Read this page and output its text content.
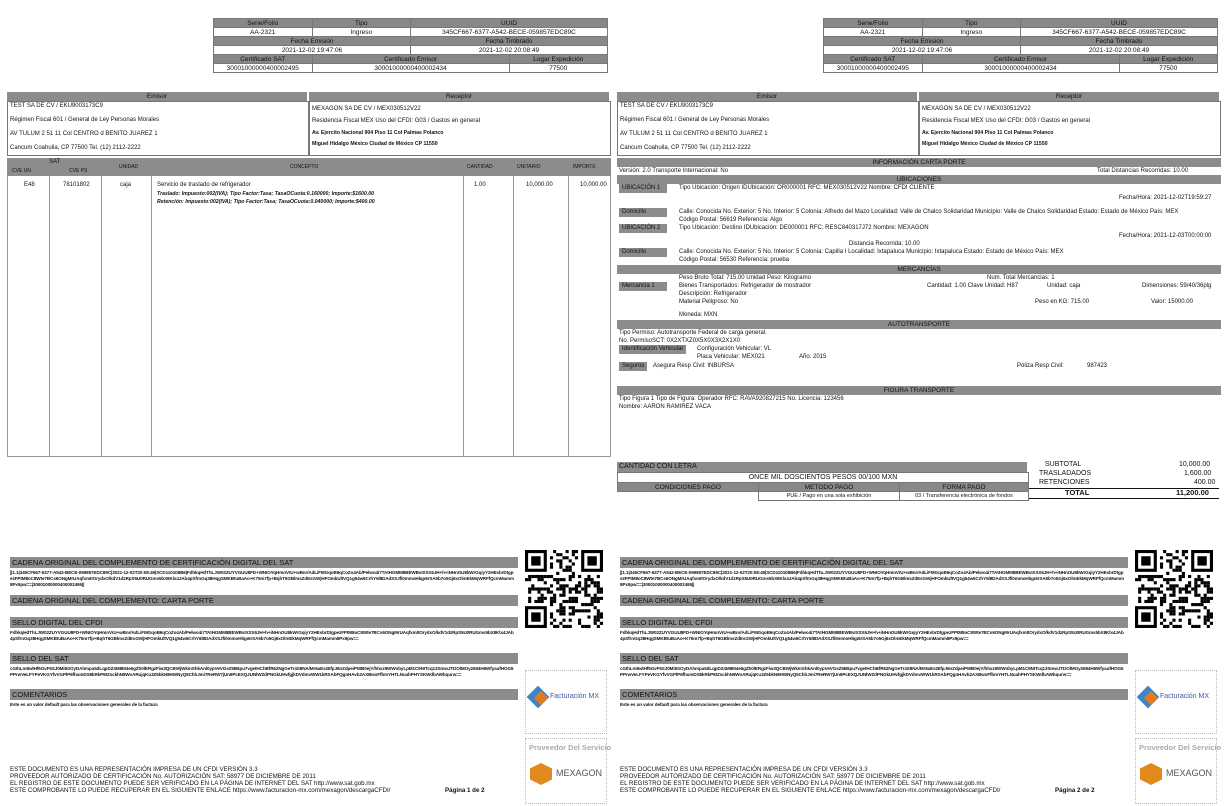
Serie/Folio	Tipo	UUID	
AA-2321	Ingreso	345CF667-6377-A542-BECE-059857EDC89C	
Fecha Emisión		Fecha Timbrado	
2021-12-02 19:47:06		2021-12-02 20:08:49	
Certificado SAT	Certificado Emisor		Lugar Expedición
30001000000400002495	30001000000400002434		77500
Emisor	Receptor
TEST SA DE CV / EKU9003173C9
Régimen Fiscal 601 / General de Ley Personas Morales
AV TULUM 2 51 11 Col CENTRO d BENITO JUAREZ 1
Cancum Coahuila, CP 77500 Tel. (12) 2112-2222
MEXAGON SA DE CV / MEX030512V22
Residencia Fiscal MEX Uso del CFDI: G03 / Gastos en general
Av. Ejercito Nacional 904 Piso 11 Col Palmas Polanco
Miguel Hidalgo México Ciudad de México CP 11550
SAT
CVE UN	CVE PS
UNIDAD	CONCEPTO	CANTIDAD	UNITARIO	IMPORTE
E48	78101802	caja	Servicio de traslado de refrigerador
Traslado: Impuesto:002(IVA); Tipo Factor:Tasa; TasaOCuota:0.160000; Importe:$1600.00
Retención: Impuesto:002(IVA); Tipo Factor:Tasa; TasaOCuota:0.040000; Importe:$400.00
1.00	10,000.00	10,000.00
CADENA ORIGINAL DEL COMPLEMENTO DE CERTIFICACIÓN DIGITAL DEL SAT
||1.1|345CF667-6377-A542-BECE-059857EDC89C|2021-12-02T20:08:49|SCD110108B6|FdhkqHdThLJW02ZUYVGUU8FD+WNIOYqHmnVrU+wBnr/AdLiFMGqoB6qCoZo4Ab/Pelwo4i7TAtHGMM8BEWBvIXSX6JH+h+iNHnOU8kWrGqiyY2HEsbrDtgpezFPtM8oC8Wte7BCs6ONgMrUAqfxmItOrydxO/kdV1dzRpS5U0RUGms5bX8Klx4JAb4pSfrnGq38HqgSMKBtuBaAo+K75m7fp+BqhT6GBlmsZdEsGWjHFOmkUltVQ1g54w6CrhY6l8DAdXSJfi0mmoHlqp6rSA5b7o5Gj6xOlmEkMqWRFfQcmMamm8Px9pw==|30001000000400002495||
CADENA ORIGINAL DEL COMPLEMENTO: CARTA PORTE
SELLO DIGITAL DEL CFDI
FdhkqHdThLJW02ZUYVGUU8FD+WNIOYqHmnVrU+wBnr/AdLiFMGqoB6qCoZo4Ab/Pelwo4i7TAtHGMM8BEWBvIXSX6JH+h+iNHnOU8kWrGqiyY2HEsbrDtgpezFPtM8oC8Wte7BCs6ONgMrUAqfxmItOrydxO/kdV1dzRpS5U0RUGms5bX8Klx4JAb4pSfrnGq38HqgSMKBtuBaAo+K75m7fp+BqhT6GBlmsZdEsGWjHFOmkUltVQ1g54w6CrhY6l8DAdXSJfi0mmoHlqp6rSA5b7o5Gj6xOlmEkMqWRFfQcmMamm8Px9pw==
SELLO DEL SAT
cGIhLm8wlHf6GvF6SJ0Mi5SOyDAhmpa5dLqpDZ4M8M4e6gZh0lERgzFiw3QCBWjWkmShkAnl0ypVeVGsZ5B6pu7vgetHChBfR62NgGeTr4S8NA/Mr6aEs2IIfpJ6nZdpeiPWB0ejY/hhxz9WWnbyLpM1C9NITcq13SmwJTDOlMOy2694H6WfyaufHOG5PPrwVeLFYPeVKGYfvVGPlP6fhumDS8kRkP6tZsckhN8WvARujqKu3Z6bkN8HWNyQ5ChhJmi7ReRW7jUn9PcEXQJUNlWZdPNGkUHvfgjkDVdmvWW1kRSAbFQgnHAvb2AXBwxFfbmYHTLNuahPHYSKWdbAWbqurw==
COMENTARIOS
Este es un valor default para las observaciones generales de la factura
Facturación MX
Proveedor Del Servicio
MEXAGON
ESTE DOCUMENTO ES UNA REPRESENTACIÓN IMPRESA DE UN CFDI VERSIÓN 3.3
PROVEEDOR AUTORIZADO DE CERTIFICACIÓN No. AUTORIZACIÓN SAT: 58977 DE DICIEMBRE DE 2011
EL REGISTRO DE ESTE DOCUMENTO PUEDE SER VERIFICADO EN LA PÁGINA DE INTERNET DEL SAT http://www.sat.gob.mx
ESTE COMPROBANTE LO PUEDE RECUPERAR EN EL SIGUIENTE ENLACE https://www.facturacion-mx.com/mexagon/descargaCFDI/	Página 1 de 2
Serie/Folio	Tipo	UUID	
AA-2321	Ingreso	345CF667-6377-A542-BECE-059857EDC89C	
Fecha Emisión		Fecha Timbrado	
2021-12-02 19:47:06		2021-12-02 20:08:49	
Certificado SAT	Certificado Emisor		Lugar Expedición
30001000000400002495	30001000000400002434		77500
Emisor	Receptor
TEST SA DE CV / EKU9003173C9
Régimen Fiscal 601 / General de Ley Personas Morales
AV TULUM 2 51 11 Col CENTRO d BENITO JUAREZ 1
Cancum Coahuila, CP 77500 Tel. (12) 2112-2222
MEXAGON SA DE CV / MEX030512V22
Residencia Fiscal MEX Uso del CFDI: G03 / Gastos en general
Av. Ejercito Nacional 904 Piso 11 Col Palmas Polanco
Miguel Hidalgo México Ciudad de México CP 11550
INFORMACIÓN CARTA PORTE
Versión: 2.0 Transporte Internacional: No	Total Distancias Recorridas: 10.00
UBICACIONES
UBICACIÓN 1	Tipo Ubicación: Origen IDUbicación: OR000001 RFC: MEX030512V22 Nombre: CFDI CLIENTE
Fecha/Hora: 2021-12-02T19:59:27
Domicilio	Calle: Conocida No. Exterior: 5 No. Interior: 5 Colonia: Alfredo del Mazo Localidad: Valle de Chalco Solidaridad Municipio: Valle de Chalco Solidaridad Estado: Estado de México País: MEX
Código Postal: 56619 Referencia: Algo
UBICACIÓN 2	Tipo Ubicación: Destino IDUbicación: DE000001 RFC: RESC840317J72 Nombre: MEXAGON
Fecha/Hora: 2021-12-03T00:00:00
Distancia Recorrida: 10.00
Domicilio	Calle: Conocida No. Exterior: 5 No. Interior: 5 Colonia: Capilla I Localidad: Ixtapaluca Municipio: Ixtapaluca Estado: Estado de México País: MEX
Código Postal: 56530 Referencia: prueba
MERCANCÍAS
Peso Bruto Total: 715.00 Unidad Peso: Kilogramo	Num. Total Mercancias: 1
Mercancia 1	Bienes Transportados: Refrigerador de mostrador	Cantidad: 1.00 Clave Unidad: H87	Unidad: caja	Dimensiones: 59/40/36plg
Descripción: Refrigerador
Material Peligroso: No	Peso en KG: 715.00	Valor: 15000.00
Moneda: MXN
AUTOTRANSPORTE
Tipo Permiso: Autotransporte Federal de carga general.
No. PermisoSCT: 0X2XTXZ0X5X0X3X2X1X0
Identificación Vehicular	Configuración Vehicular: VL
Placa Vehicular: MEX021	Año: 2015
Seguros	Asegura Resp Civil: INBURSA	Póliza Resp Civil:	987423
FIGURA TRANSPORTE
Tipo Figura 1 Tipo de Figura: Operador RFC: RAVA920827215 No. Licencia: 123456
Nombre: AARON RAMIREZ VACA
CANTIDAD CON LETRA
ONCE MIL DOSCIENTOS PESOS 00/100 MXN
CONDICIONES PAGO	METODO PAGO	FORMA PAGO
	PUE / Pago en una sola exhibición	03 / Transferencia electrónica de fondos
SUBTOTAL	10,000.00
TRASLADADOS	1,600.00
RETENCIONES	400.00
TOTAL	11,200.00
CADENA ORIGINAL DEL COMPLEMENTO DE CERTIFICACIÓN DIGITAL DEL SAT
||1.1|345CF667-6377-A542-BECE-059857EDC89C|2021-12-02T20:08:49|SCD110108B6|FdhkqHdThLJW02ZUYVGUU8FD+WNIOYqHmnVrU+wBnr/AdLiFMGqoB6qCoZo4Ab/Pelwo4i7TAtHGMM8BEWBvIXSX6JH+h+iNHnOU8kWrGqiyY2HEsbrDtgpezFPtM8oC8Wte7BCs6ONgMrUAqfxmItOrydxO/kdV1dzRpS5U0RUGms5bX8Klx4JAb4pSfrnGq38HqgSMKBtuBaAo+K75m7fp+BqhT6GBlmsZdEsGWjHFOmkUltVQ1g54w6CrhY6l8DAdXSJfi0mmoHlqp6rSA5b7o5Gj6xOlmEkMqWRFfQcmMamm8Px9pw==|30001000000400002495||
CADENA ORIGINAL DEL COMPLEMENTO: CARTA PORTE
SELLO DIGITAL DEL CFDI
FdhkqHdThLJW02ZUYVGUU8FD+WNIOYqHmnVrU+wBnr/AdLiFMGqoB6qCoZo4Ab/Pelwo4i7TAtHGMM8BEWBvIXSX6JH+h+iNHnOU8kWrGqiyY2HEsbrDtgpezFPtM8oC8Wte7BCs6ONgMrUAqfxmItOrydxO/kdV1dzRpS5U0RUGms5bX8Klx4JAb4pSfrnGq38HqgSMKBtuBaAo+K75m7fp+BqhT6GBlmsZdEsGWjHFOmkUltVQ1g54w6CrhY6l8DAdXSJfi0mmoHlqp6rSA5b7o5Gj6xOlmEkMqWRFfQcmMamm8Px9pw==
SELLO DEL SAT
cGIhLm8wlHf6GvF6SJ0Mi5SOyDAhmpa5dLqpDZ4M8M4e6gZh0lERgzFiw3QCBWjWkmShkAnl0ypVeVGsZ5B6pu7vgetHChBfR62NgGeTr4S8NA/Mr6aEs2IIfpJ6nZdpeiPWB0ejY/hhxz9WWnbyLpM1C9NITcq13SmwJTDOlMOy2694H6WfyaufHOG5PPrwVeLFYPeVKGYfvVGPlP6fhumDS8kRkP6tZsckhN8WvARujqKu3Z6bkN8HWNyQ5ChhJmi7ReRW7jUn9PcEXQJUNlWZdPNGkUHvfgjkDVdmvWW1kRSAbFQgnHAvb2AXBwxFfbmYHTLNuahPHYSKWdbAWbqurw==
COMENTARIOS
Este es un valor default para las observaciones generales de la factura
Facturación MX
Proveedor Del Servicio
MEXAGON
ESTE DOCUMENTO ES UNA REPRESENTACIÓN IMPRESA DE UN CFDI VERSIÓN 3.3
PROVEEDOR AUTORIZADO DE CERTIFICACIÓN No. AUTORIZACIÓN SAT: 58977 DE DICIEMBRE DE 2011
EL REGISTRO DE ESTE DOCUMENTO PUEDE SER VERIFICADO EN LA PÁGINA DE INTERNET DEL SAT http://www.sat.gob.mx
ESTE COMPROBANTE LO PUEDE RECUPERAR EN EL SIGUIENTE ENLACE https://www.facturacion-mx.com/mexagon/descargaCFDI/	Página 2 de 2
